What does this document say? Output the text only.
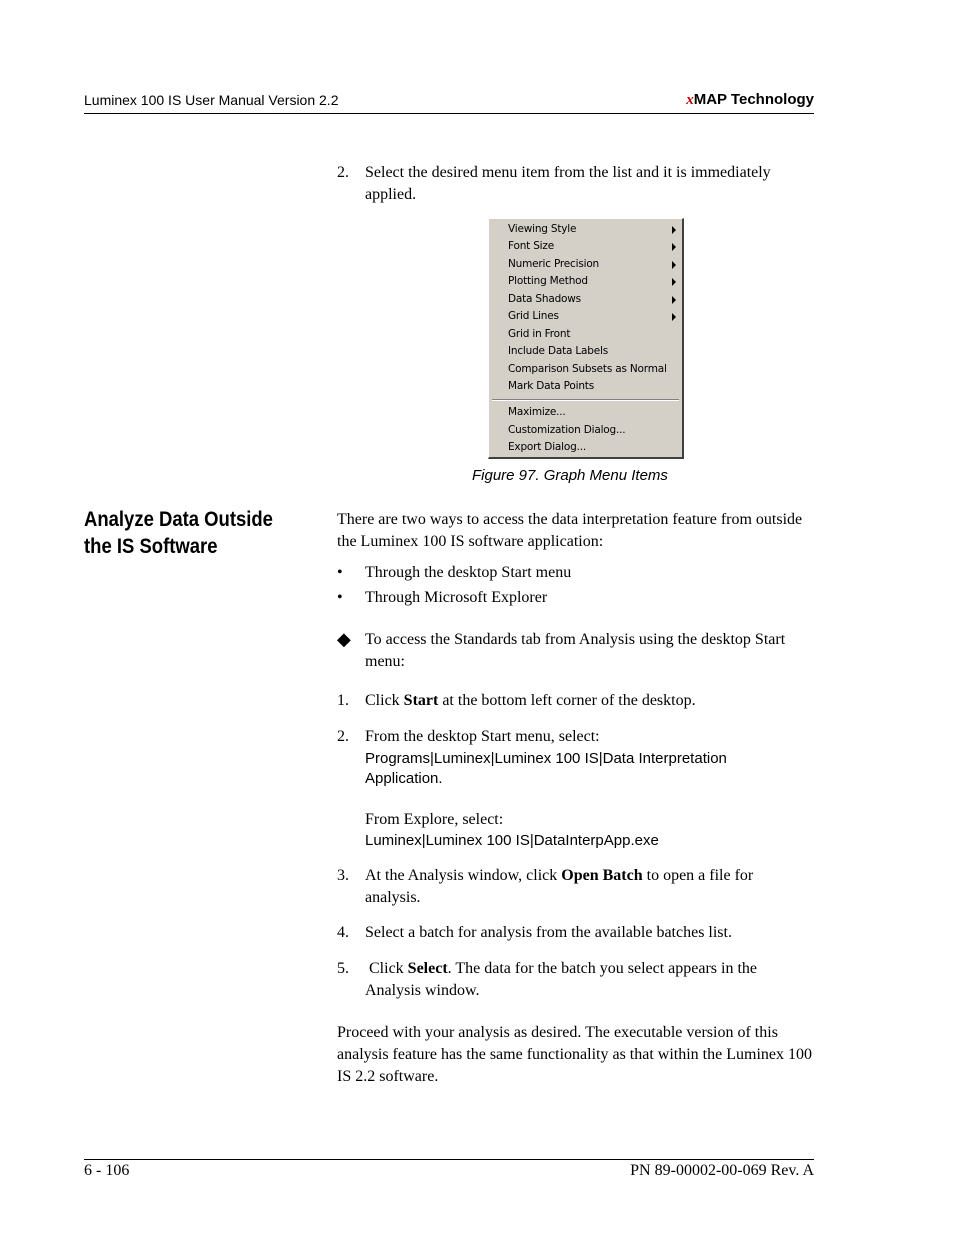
Luminex 100 IS User Manual Version 2.2	xMAP Technology
2. Select the desired menu item from the list and it is immediately applied.
Viewing Style
Font Size
Numeric Precision
Plotting Method
Data Shadows
Grid Lines
Grid in Front
Include Data Labels
Comparison Subsets as Normal
Mark Data Points
Maximize...
Customization Dialog...
Export Dialog...
Figure 97. Graph Menu Items
Analyze Data Outside the IS Software
There are two ways to access the data interpretation feature from outside the Luminex 100 IS software application:
• Through the desktop Start menu
• Through Microsoft Explorer
◆ To access the Standards tab from Analysis using the desktop Start menu:
1. Click Start at the bottom left corner of the desktop.
2. From the desktop Start menu, select:
Programs|Luminex|Luminex 100 IS|Data Interpretation Application.
From Explore, select:
Luminex|Luminex 100 IS|DataInterpApp.exe
3. At the Analysis window, click Open Batch to open a file for analysis.
4. Select a batch for analysis from the available batches list.
5. Click Select. The data for the batch you select appears in the Analysis window.
Proceed with your analysis as desired. The executable version of this analysis feature has the same functionality as that within the Luminex 100 IS 2.2 software.
6 - 106	PN 89-00002-00-069 Rev. A
